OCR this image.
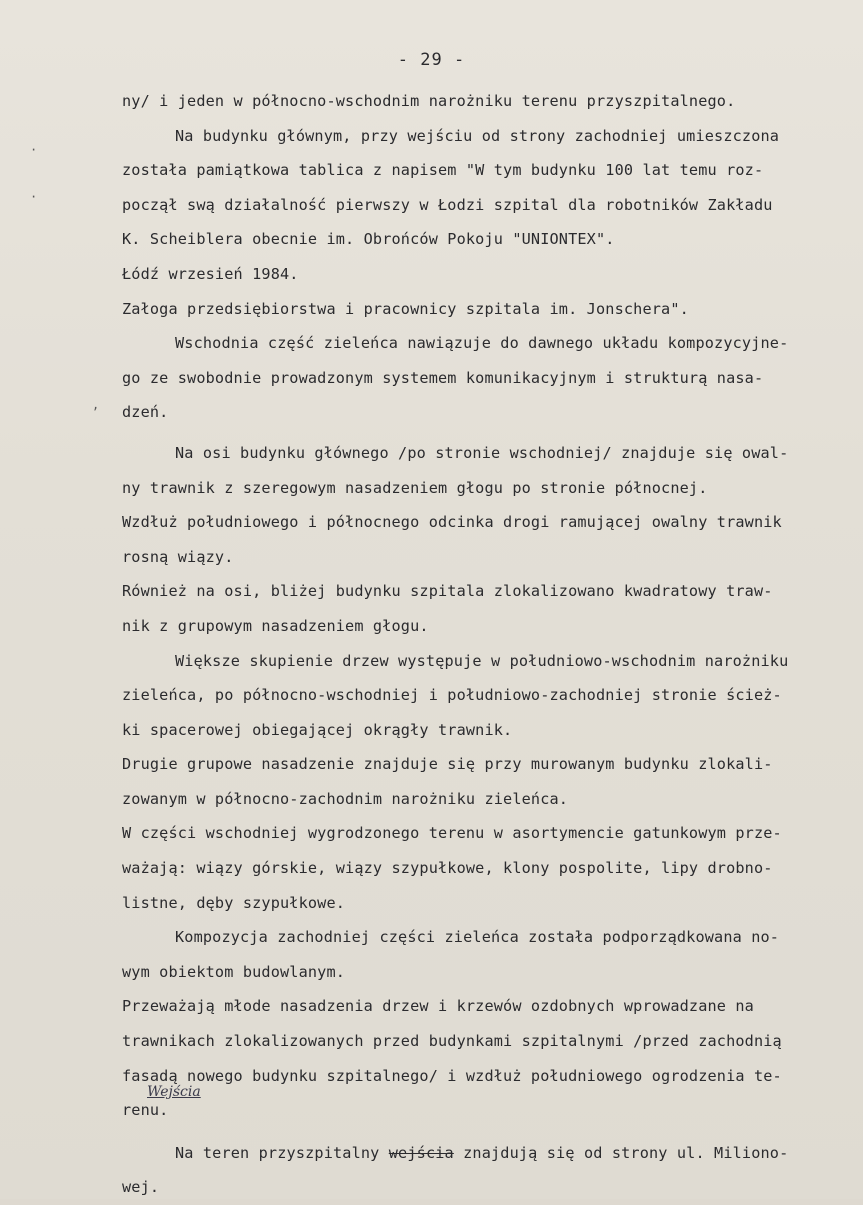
- 29 -
ny/ i jeden w północno-wschodnim narożniku terenu przyszpitalnego.
Na budynku głównym, przy wejściu od strony zachodniej umieszczona
została pamiątkowa tablica z napisem "W tym budynku 100 lat temu roz-
począł swą działalność pierwszy w Łodzi szpital dla robotników Zakładu
K. Scheiblera obecnie im. Obrońców Pokoju "UNIONTEX".
Łódź wrzesień 1984.
Załoga przedsiębiorstwa i pracownicy szpitala im. Jonschera".
Wschodnia część zieleńca nawiązuje do dawnego układu kompozycyjne-
go ze swobodnie prowadzonym systemem komunikacyjnym i strukturą nasa-
dzeń.
Na osi budynku głównego /po stronie wschodniej/ znajduje się owal-
ny trawnik z szeregowym nasadzeniem głogu po stronie północnej.
Wzdłuż południowego i północnego odcinka drogi ramującej owalny trawnik
rosną wiązy.
Również na osi, bliżej budynku szpitala zlokalizowano kwadratowy traw-
nik z grupowym nasadzeniem głogu.
Większe skupienie drzew występuje w południowo-wschodnim narożniku
zieleńca, po północno-wschodniej i południowo-zachodniej stronie ścież-
ki spacerowej obiegającej okrągły trawnik.
Drugie grupowe nasadzenie znajduje się przy murowanym budynku zlokali-
zowanym w północno-zachodnim narożniku zieleńca.
W części wschodniej wygrodzonego terenu w asortymencie gatunkowym prze-
ważają: wiązy górskie, wiązy szypułkowe, klony pospolite, lipy drobno-
listne, dęby szypułkowe.
Kompozycja zachodniej części zieleńca została podporządkowana no-
wym obiektom budowlanym.
Przeważają młode nasadzenia drzew i krzewów ozdobnych wprowadzane na
trawnikach zlokalizowanych przed budynkami szpitalnymi /przed zachodnią
fasadą nowego budynku szpitalnego/ i wzdłuż południowego ogrodzenia te-
renu.
Na teren przyszpitalny wejścia znajdują się od strony ul. Miliono-
wej.
Wejścia
·
·
,
